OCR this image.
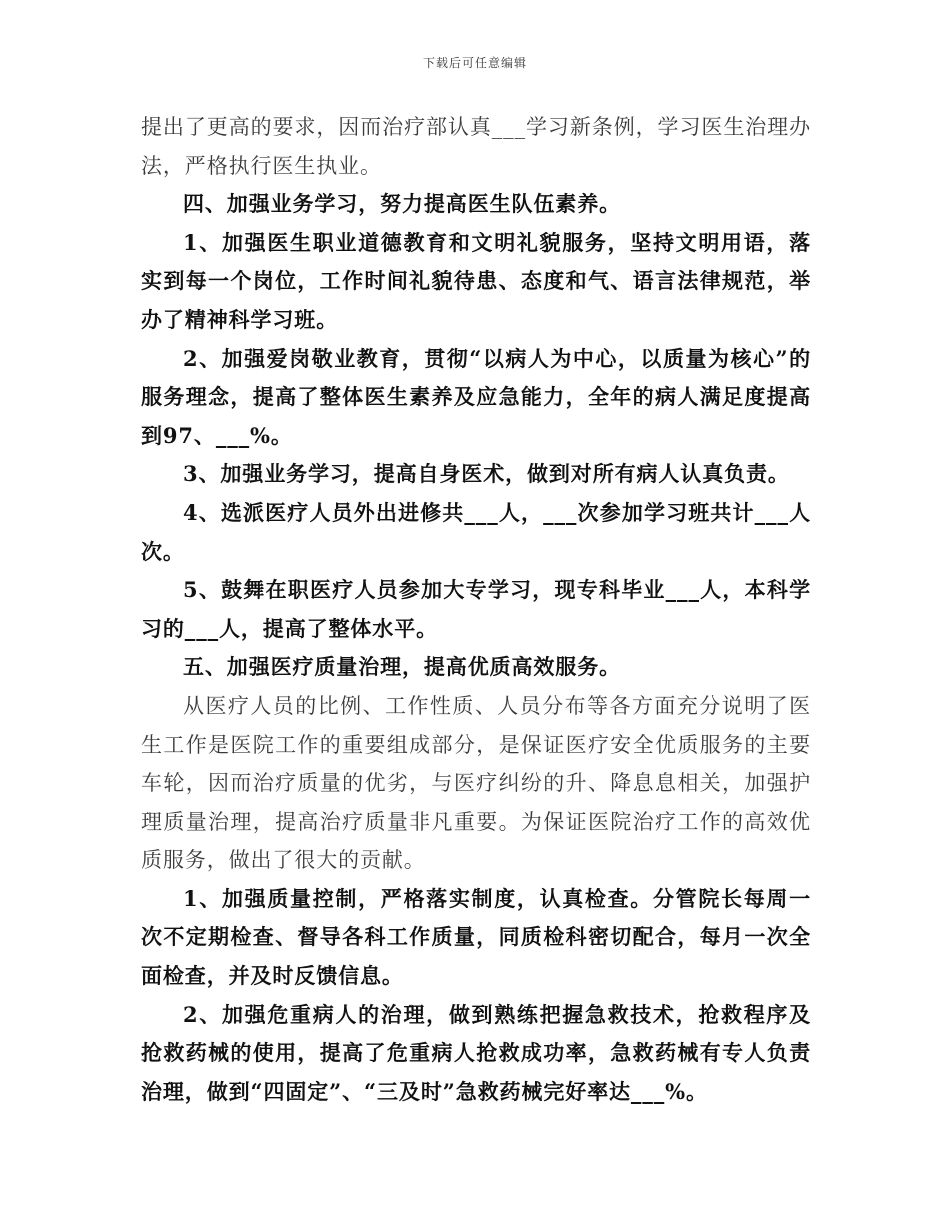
下载后可任意编辑

提出了更高的要求，因而治疗部认真___学习新条例，学习医生治理办法，严格执行医生执业。

四、加强业务学习，努力提高医生队伍素养。

1、加强医生职业道德教育和文明礼貌服务，坚持文明用语，落实到每一个岗位，工作时间礼貌待患、态度和气、语言法律规范，举办了精神科学习班。

2、加强爱岗敬业教育，贯彻“以病人为中心，以质量为核心”的服务理念，提高了整体医生素养及应急能力，全年的病人满足度提高到97、___%。

3、加强业务学习，提高自身医术，做到对所有病人认真负责。

4、选派医疗人员外出进修共___人，___次参加学习班共计___人次。

5、鼓舞在职医疗人员参加大专学习，现专科毕业___人，本科学习的___人，提高了整体水平。

五、加强医疗质量治理，提高优质高效服务。

从医疗人员的比例、工作性质、人员分布等各方面充分说明了医生工作是医院工作的重要组成部分，是保证医疗安全优质服务的主要车轮，因而治疗质量的优劣，与医疗纠纷的升、降息息相关，加强护理质量治理，提高治疗质量非凡重要。为保证医院治疗工作的高效优质服务，做出了很大的贡献。

1、加强质量控制，严格落实制度，认真检查。分管院长每周一次不定期检查、督导各科工作质量，同质检科密切配合，每月一次全面检查，并及时反馈信息。

2、加强危重病人的治理，做到熟练把握急救技术，抢救程序及抢救药械的使用，提高了危重病人抢救成功率，急救药械有专人负责治理，做到“四固定”、“三及时”急救药械完好率达___%。
